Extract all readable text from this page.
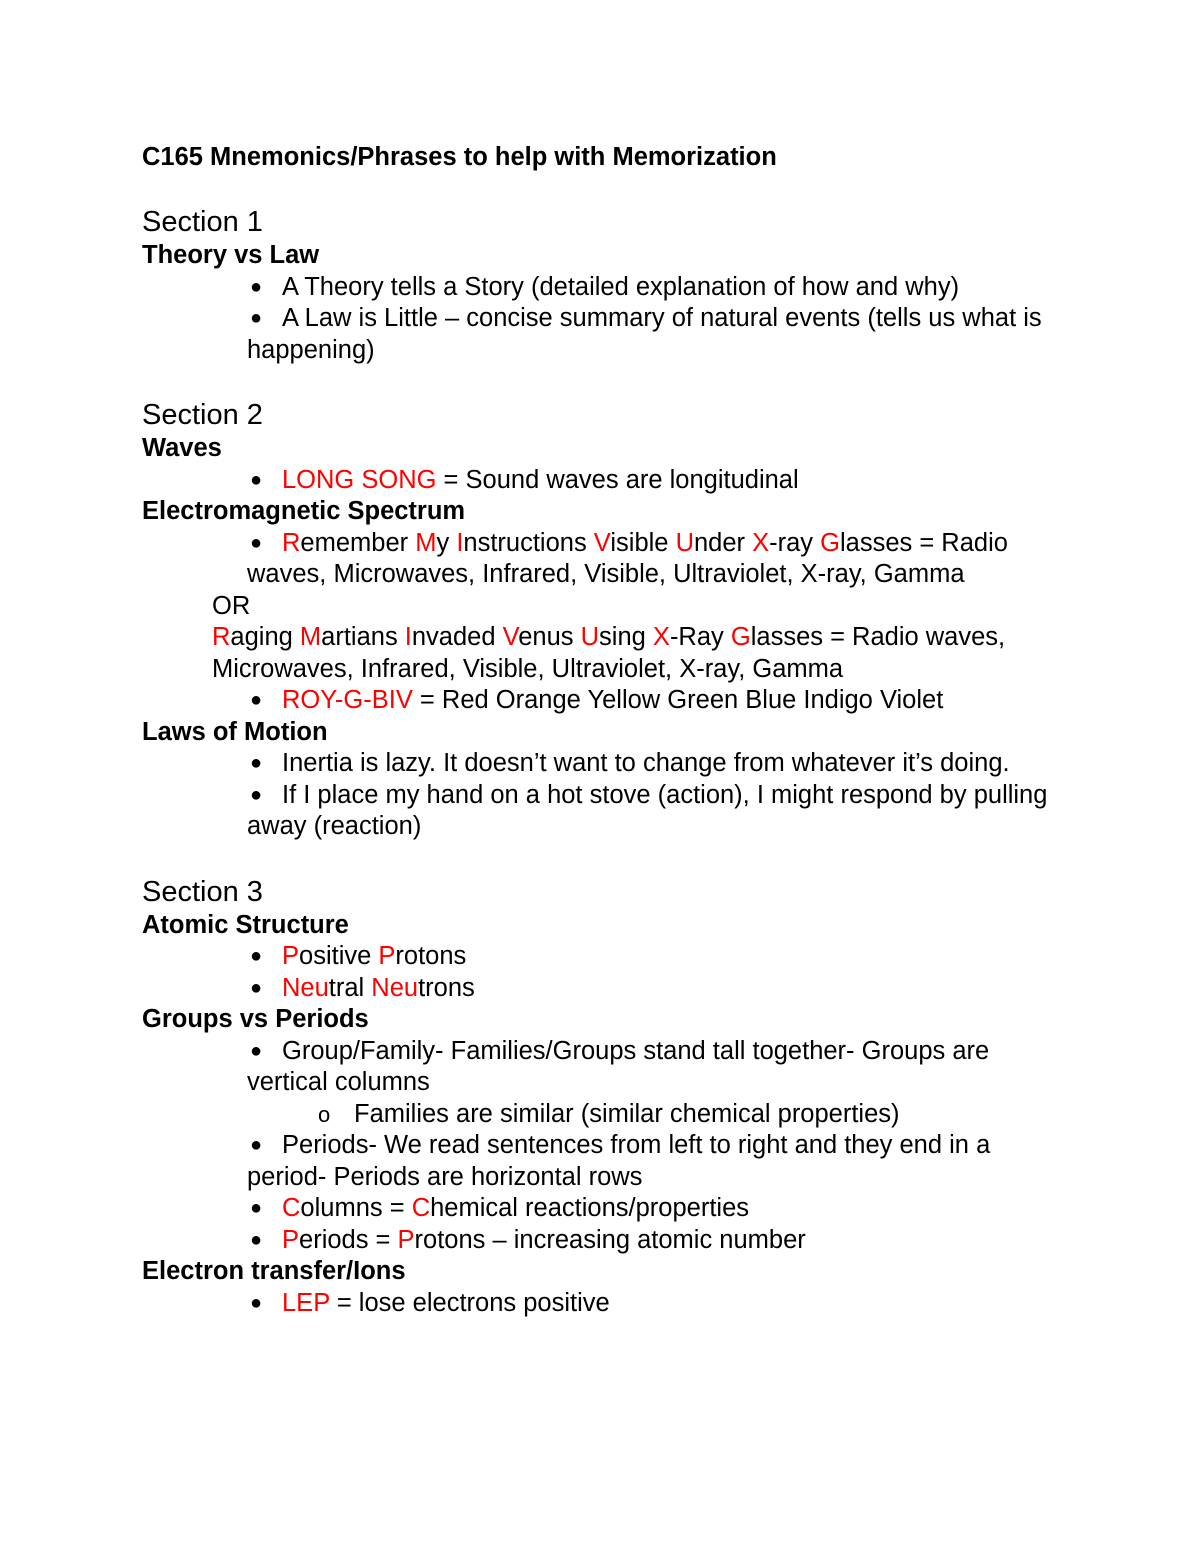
C165 Mnemonics/Phrases to help with Memorization
Section 1
Theory vs Law
● A Theory tells a Story (detailed explanation of how and why)
● A Law is Little – concise summary of natural events (tells us what is happening)
Section 2
Waves
● LONG SONG = Sound waves are longitudinal
Electromagnetic Spectrum
● Remember My Instructions Visible Under X-ray Glasses = Radio waves, Microwaves, Infrared, Visible, Ultraviolet, X-ray, Gamma
OR
Raging Martians Invaded Venus Using X-Ray Glasses = Radio waves, Microwaves, Infrared, Visible, Ultraviolet, X-ray, Gamma
● ROY-G-BIV = Red Orange Yellow Green Blue Indigo Violet
Laws of Motion
● Inertia is lazy. It doesn’t want to change from whatever it’s doing.
● If I place my hand on a hot stove (action), I might respond by pulling away (reaction)
Section 3
Atomic Structure
● Positive Protons
● Neutral Neutrons
Groups vs Periods
● Group/Family- Families/Groups stand tall together- Groups are vertical columns
o Families are similar (similar chemical properties)
● Periods- We read sentences from left to right and they end in a period- Periods are horizontal rows
● Columns = Chemical reactions/properties
● Periods = Protons – increasing atomic number
Electron transfer/Ions
● LEP = lose electrons positive
